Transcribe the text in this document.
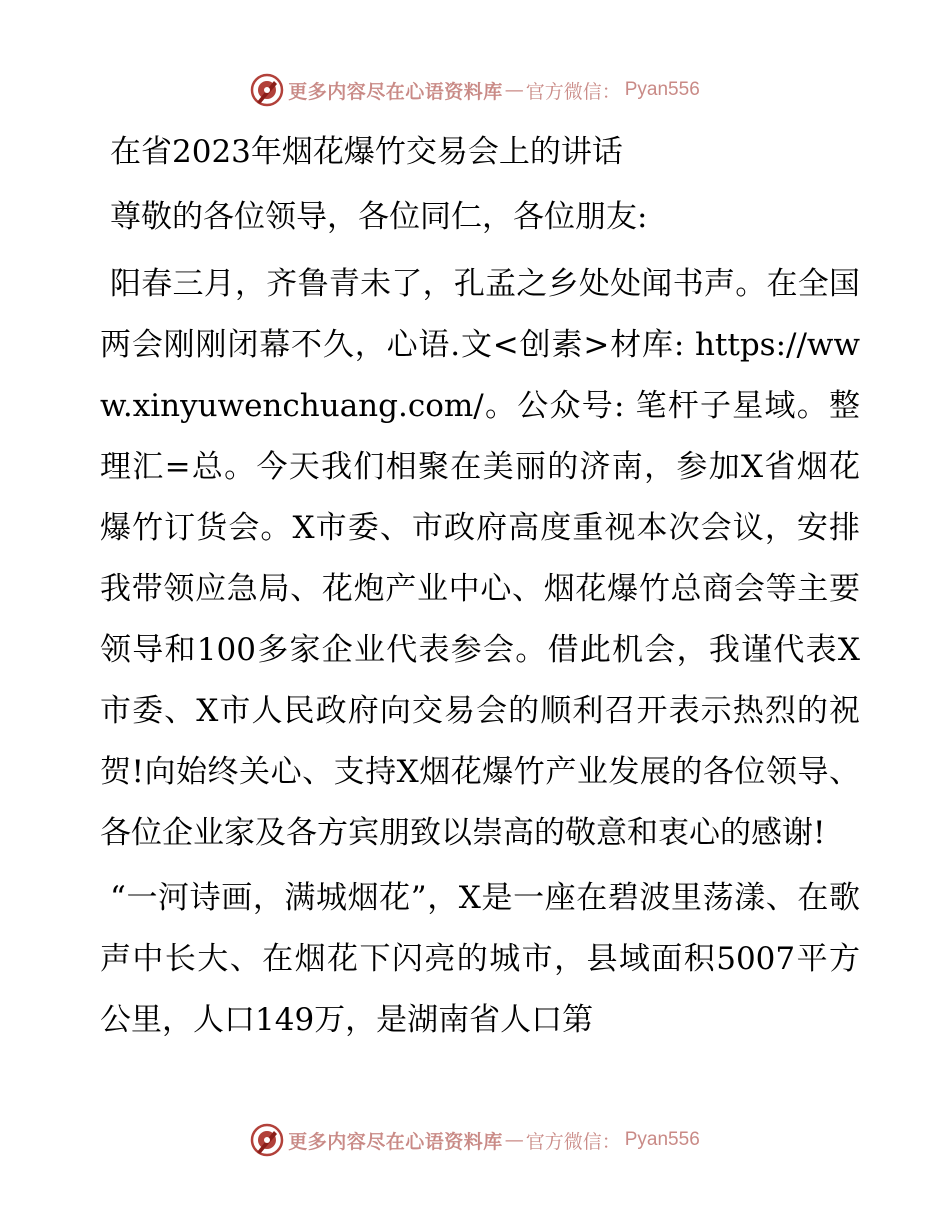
更多内容尽在心语资料库 — 官方微信： Pyan556

在省2023年烟花爆竹交易会上的讲话

尊敬的各位领导，各位同仁，各位朋友:

阳春三月，齐鲁青未了，孔孟之乡处处闻书声。在全国两会刚刚闭幕不久，心语.文<创素>材库: https://www.xinyuwenchuang.com/。公众号: 笔杆子星域。整理汇=总。今天我们相聚在美丽的济南，参加X省烟花爆竹订货会。X市委、市政府高度重视本次会议，安排我带领应急局、花炮产业中心、烟花爆竹总商会等主要领导和100多家企业代表参会。借此机会，我谨代表X市委、X市人民政府向交易会的顺利召开表示热烈的祝贺!向始终关心、支持X烟花爆竹产业发展的各位领导、各位企业家及各方宾朋致以崇高的敬意和衷心的感谢!

“一河诗画，满城烟花”，X是一座在碧波里荡漾、在歌声中长大、在烟花下闪亮的城市，县域面积5007平方公里，人口149万，是湖南省人口第

更多内容尽在心语资料库 — 官方微信： Pyan556
